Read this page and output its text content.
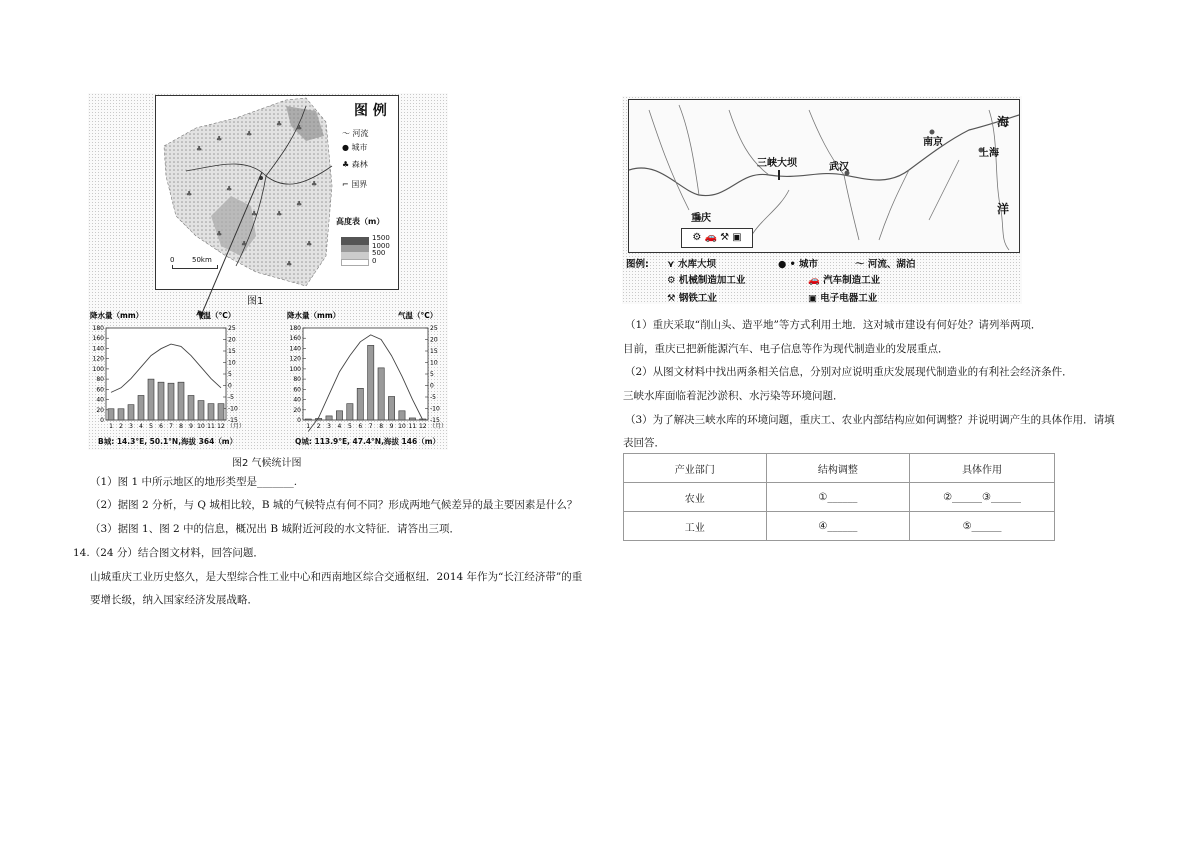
♣
♣
♣
♣ ♣
♣
♣	♣
♣
♣
♣	♣
♣
♣
♣
图 例
〜 河流
● 城市
♣ 森林
⌐ 国界
高度表（m）
1500
1000
500
0
0	50km
图1
降水量（mm）	气温（°C）
0
20
40
60
80
100
120
140
160
180
-15
-10
-5
0
5
10
15
20
25
1 2 3 4 5 6 7 8 9 10 11 12 （月）
降水量（mm）	气温（°C）
0
20
40
60
80
100
120
140
160
180
-15
-10
-5
0
5
10
15
20
25
1 2 3 4 5 6 7 8 9 10 11 12 （月）
B城: 14.3°E, 50.1°N,海拔 364（m）	Q城: 113.9°E, 47.4°N,海拔 146（m）
图2 气候统计图
（1）图 1 中所示地区的地形类型是_______.
（2）据图 2 分析，与 Q 城相比较，B 城的气候特点有何不同？形成两地气候差异的最主要因素是什么？
（3）据图 1、图 2 中的信息，概况出 B 城附近河段的水文特征．请答出三项．
14.（24 分）结合图文材料，回答问题．
山城重庆工业历史悠久，是大型综合性工业中心和西南地区综合交通枢纽．2014 年作为“长江经济带”的重
要增长级，纳入国家经济发展战略．
三峡大坝	武汉
南京
上海
重庆
海
洋
⚙ 🚗 ⚒ ▣
图例: ⋎ 水库大坝	● • 城市	〜 河流、湖泊
⚙ 机械制造加工业	🚗 汽车制造工业
⚒ 钢铁工业	▣ 电子电器工业
（1）重庆采取“削山头、造平地”等方式利用土地．这对城市建设有何好处？请列举两项．
目前，重庆已把新能源汽车、电子信息等作为现代制造业的发展重点．
（2）从图文材料中找出两条相关信息，分别对应说明重庆发展现代制造业的有利社会经济条件．
三峡水库面临着泥沙淤积、水污染等环境问题．
（3）为了解决三峡水库的环境问题，重庆工、农业内部结构应如何调整？并说明调产生的具体作用．请填
表回答．
产业部门	结构调整	具体作用
农业	①______	②______③______
工业	④______	⑤______
